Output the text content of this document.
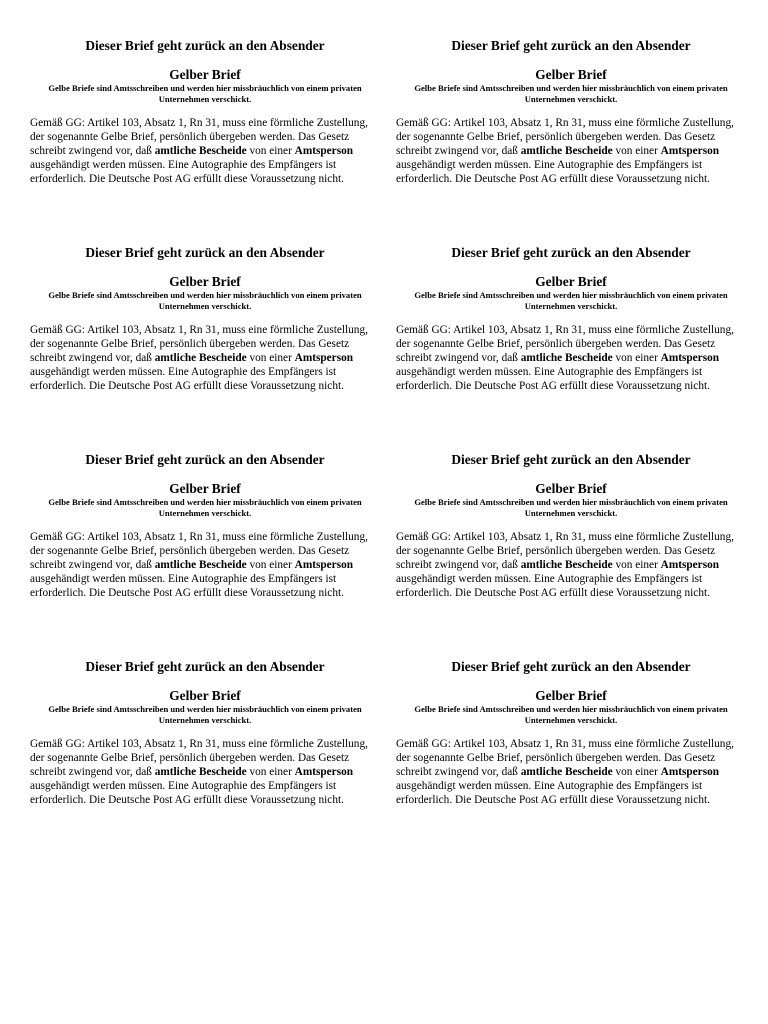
Dieser Brief geht zurück an den Absender

Gelber Brief

Gelbe Briefe sind Amtsschreiben und werden hier missbräuchlich von einem privaten Unternehmen verschickt.

Gemäß GG: Artikel 103, Absatz 1, Rn 31, muss eine förmliche Zustellung, der sogenannte Gelbe Brief, persönlich übergeben werden. Das Gesetz schreibt zwingend vor, daß amtliche Bescheide von einer Amtsperson ausgehändigt werden müssen. Eine Autographie des Empfängers ist erforderlich. Die Deutsche Post AG erfüllt diese Voraussetzung nicht.

Dieser Brief geht zurück an den Absender

Gelber Brief

Gelbe Briefe sind Amtsschreiben und werden hier missbräuchlich von einem privaten Unternehmen verschickt.

Gemäß GG: Artikel 103, Absatz 1, Rn 31, muss eine förmliche Zustellung, der sogenannte Gelbe Brief, persönlich übergeben werden. Das Gesetz schreibt zwingend vor, daß amtliche Bescheide von einer Amtsperson ausgehändigt werden müssen. Eine Autographie des Empfängers ist erforderlich. Die Deutsche Post AG erfüllt diese Voraussetzung nicht.

Dieser Brief geht zurück an den Absender

Gelber Brief

Gelbe Briefe sind Amtsschreiben und werden hier missbräuchlich von einem privaten Unternehmen verschickt.

Gemäß GG: Artikel 103, Absatz 1, Rn 31, muss eine förmliche Zustellung, der sogenannte Gelbe Brief, persönlich übergeben werden. Das Gesetz schreibt zwingend vor, daß amtliche Bescheide von einer Amtsperson ausgehändigt werden müssen. Eine Autographie des Empfängers ist erforderlich. Die Deutsche Post AG erfüllt diese Voraussetzung nicht.

Dieser Brief geht zurück an den Absender

Gelber Brief

Gelbe Briefe sind Amtsschreiben und werden hier missbräuchlich von einem privaten Unternehmen verschickt.

Gemäß GG: Artikel 103, Absatz 1, Rn 31, muss eine förmliche Zustellung, der sogenannte Gelbe Brief, persönlich übergeben werden. Das Gesetz schreibt zwingend vor, daß amtliche Bescheide von einer Amtsperson ausgehändigt werden müssen. Eine Autographie des Empfängers ist erforderlich. Die Deutsche Post AG erfüllt diese Voraussetzung nicht.

Dieser Brief geht zurück an den Absender

Gelber Brief

Gelbe Briefe sind Amtsschreiben und werden hier missbräuchlich von einem privaten Unternehmen verschickt.

Gemäß GG: Artikel 103, Absatz 1, Rn 31, muss eine förmliche Zustellung, der sogenannte Gelbe Brief, persönlich übergeben werden. Das Gesetz schreibt zwingend vor, daß amtliche Bescheide von einer Amtsperson ausgehändigt werden müssen. Eine Autographie des Empfängers ist erforderlich. Die Deutsche Post AG erfüllt diese Voraussetzung nicht.

Dieser Brief geht zurück an den Absender

Gelber Brief

Gelbe Briefe sind Amtsschreiben und werden hier missbräuchlich von einem privaten Unternehmen verschickt.

Gemäß GG: Artikel 103, Absatz 1, Rn 31, muss eine förmliche Zustellung, der sogenannte Gelbe Brief, persönlich übergeben werden. Das Gesetz schreibt zwingend vor, daß amtliche Bescheide von einer Amtsperson ausgehändigt werden müssen. Eine Autographie des Empfängers ist erforderlich. Die Deutsche Post AG erfüllt diese Voraussetzung nicht.

Dieser Brief geht zurück an den Absender

Gelber Brief

Gelbe Briefe sind Amtsschreiben und werden hier missbräuchlich von einem privaten Unternehmen verschickt.

Gemäß GG: Artikel 103, Absatz 1, Rn 31, muss eine förmliche Zustellung, der sogenannte Gelbe Brief, persönlich übergeben werden. Das Gesetz schreibt zwingend vor, daß amtliche Bescheide von einer Amtsperson ausgehändigt werden müssen. Eine Autographie des Empfängers ist erforderlich. Die Deutsche Post AG erfüllt diese Voraussetzung nicht.

Dieser Brief geht zurück an den Absender

Gelber Brief

Gelbe Briefe sind Amtsschreiben und werden hier missbräuchlich von einem privaten Unternehmen verschickt.

Gemäß GG: Artikel 103, Absatz 1, Rn 31, muss eine förmliche Zustellung, der sogenannte Gelbe Brief, persönlich übergeben werden. Das Gesetz schreibt zwingend vor, daß amtliche Bescheide von einer Amtsperson ausgehändigt werden müssen. Eine Autographie des Empfängers ist erforderlich. Die Deutsche Post AG erfüllt diese Voraussetzung nicht.
